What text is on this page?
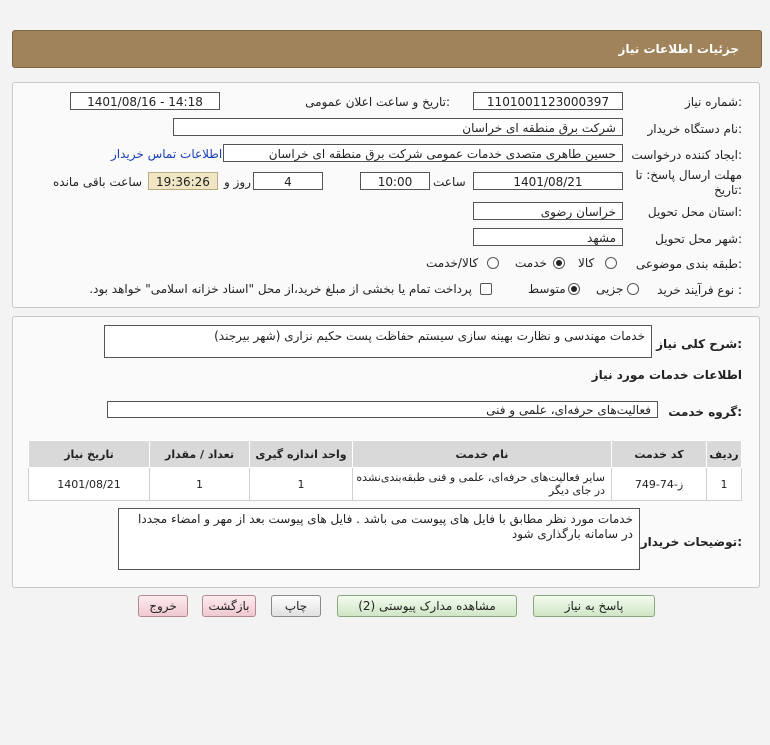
جزئیات اطلاعات نیاز
شماره نیاز:
1101001123000397
تاریخ و ساعت اعلان عمومی:
1401/08/16 - 14:18
نام دستگاه خریدار:
شرکت برق منطقه ای خراسان
ایجاد کننده درخواست:
حسین طاهری متصدی خدمات عمومی شرکت برق منطقه ای خراسان
اطلاعات تماس خریدار
مهلت ارسال پاسخ: تا
تاریخ:
1401/08/21
ساعت
10:00
4
روز و
19:36:26
ساعت باقی مانده
استان محل تحویل:
خراسان رضوی
شهر محل تحویل:
مشهد
طبقه بندی موضوعی:
کالا
خدمت
کالا/خدمت
نوع فرآیند خرید :
جزیی
متوسط
پرداخت تمام یا بخشی از مبلغ خرید،از محل "اسناد خزانه اسلامی" خواهد بود.
شرح کلی نیاز:
خدمات مهندسی و نظارت بهینه سازی سیستم حفاظت پست حکیم نزاری (شهر بیرجند)
اطلاعات خدمات مورد نیاز
گروه خدمت:
فعالیت‌های حرفه‌ای، علمی و فنی
ردیف	کد خدمت	نام خدمت	واحد اندازه گیری	تعداد / مقدار	تاریخ نیاز
1	ز-74-749	سایر فعالیت‌های حرفه‌ای، علمی و فنی طبقه‌بندی‌نشده در جای دیگر	1	1	1401/08/21
توضیحات خریدار:
خدمات مورد نظر مطابق با فایل های پیوست می باشد . فایل های پیوست بعد از مهر و امضاء مجددا در سامانه بارگذاری شود
پاسخ به نیاز
مشاهده مدارک پیوستی (2)
چاپ
بازگشت
خروج
